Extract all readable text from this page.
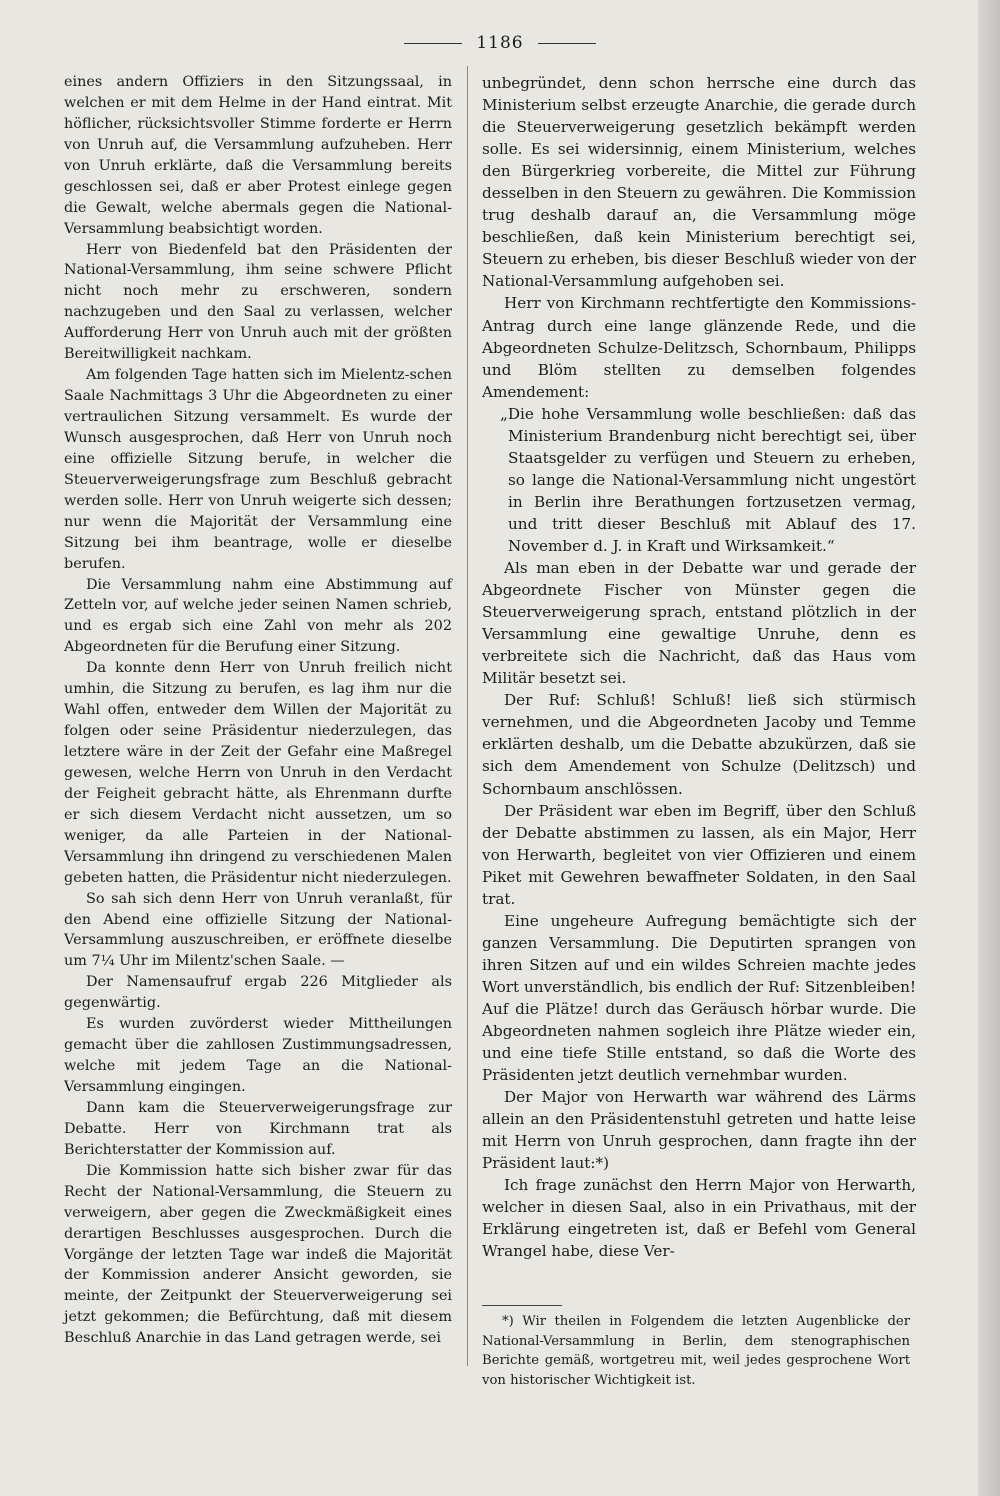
1186

eines andern Offiziers in den Sitzungssaal, in welchen er mit dem Helme in der Hand eintrat. Mit höflicher, rücksichtsvoller Stimme forderte er Herrn von Unruh auf, die Versammlung aufzuheben. Herr von Unruh erklärte, daß die Versammlung bereits geschlossen sei, daß er aber Protest einlege gegen die Gewalt, welche abermals gegen die National-Versammlung beabsichtigt worden.

Herr von Biedenfeld bat den Präsidenten der National-Versammlung, ihm seine schwere Pflicht nicht noch mehr zu erschweren, sondern nachzugeben und den Saal zu verlassen, welcher Aufforderung Herr von Unruh auch mit der größten Bereitwilligkeit nachkam.

Am folgenden Tage hatten sich im Mielentz-schen Saale Nachmittags 3 Uhr die Abgeordneten zu einer vertraulichen Sitzung versammelt. Es wurde der Wunsch ausgesprochen, daß Herr von Unruh noch eine offizielle Sitzung berufe, in welcher die Steuerverweigerungsfrage zum Beschluß gebracht werden solle. Herr von Unruh weigerte sich dessen; nur wenn die Majorität der Versammlung eine Sitzung bei ihm beantrage, wolle er dieselbe berufen.

Die Versammlung nahm eine Abstimmung auf Zetteln vor, auf welche jeder seinen Namen schrieb, und es ergab sich eine Zahl von mehr als 202 Abgeordneten für die Berufung einer Sitzung.

Da konnte denn Herr von Unruh freilich nicht umhin, die Sitzung zu berufen, es lag ihm nur die Wahl offen, entweder dem Willen der Majorität zu folgen oder seine Präsidentur niederzulegen, das letztere wäre in der Zeit der Gefahr eine Maßregel gewesen, welche Herrn von Unruh in den Verdacht der Feigheit gebracht hätte, als Ehrenmann durfte er sich diesem Verdacht nicht aussetzen, um so weniger, da alle Parteien in der National-Versammlung ihn dringend zu verschiedenen Malen gebeten hatten, die Präsidentur nicht niederzulegen.

So sah sich denn Herr von Unruh veranlaßt, für den Abend eine offizielle Sitzung der National-Versammlung auszuschreiben, er eröffnete dieselbe um 7¼ Uhr im Milentz'schen Saale. —

Der Namensaufruf ergab 226 Mitglieder als gegenwärtig.

Es wurden zuvörderst wieder Mittheilungen gemacht über die zahllosen Zustimmungsadressen, welche mit jedem Tage an die National-Versammlung eingingen.

Dann kam die Steuerverweigerungsfrage zur Debatte. Herr von Kirchmann trat als Berichterstatter der Kommission auf.

Die Kommission hatte sich bisher zwar für das Recht der National-Versammlung, die Steuern zu verweigern, aber gegen die Zweckmäßigkeit eines derartigen Beschlusses ausgesprochen. Durch die Vorgänge der letzten Tage war indeß die Majorität der Kommission anderer Ansicht geworden, sie meinte, der Zeitpunkt der Steuerverweigerung sei jetzt gekommen; die Befürchtung, daß mit diesem Beschluß Anarchie in das Land getragen werde, sei

unbegründet, denn schon herrsche eine durch das Ministerium selbst erzeugte Anarchie, die gerade durch die Steuerverweigerung gesetzlich bekämpft werden solle. Es sei widersinnig, einem Ministerium, welches den Bürgerkrieg vorbereite, die Mittel zur Führung desselben in den Steuern zu gewähren. Die Kommission trug deshalb darauf an, die Versammlung möge beschließen, daß kein Ministerium berechtigt sei, Steuern zu erheben, bis dieser Beschluß wieder von der National-Versammlung aufgehoben sei.

Herr von Kirchmann rechtfertigte den Kommissions-Antrag durch eine lange glänzende Rede, und die Abgeordneten Schulze-Delitzsch, Schornbaum, Philipps und Blöm stellten zu demselben folgendes Amendement:

„Die hohe Versammlung wolle beschließen: daß das Ministerium Brandenburg nicht berechtigt sei, über Staatsgelder zu verfügen und Steuern zu erheben, so lange die National-Versammlung nicht ungestört in Berlin ihre Berathungen fortzusetzen vermag, und tritt dieser Beschluß mit Ablauf des 17. November d. J. in Kraft und Wirksamkeit.“

Als man eben in der Debatte war und gerade der Abgeordnete Fischer von Münster gegen die Steuerverweigerung sprach, entstand plötzlich in der Versammlung eine gewaltige Unruhe, denn es verbreitete sich die Nachricht, daß das Haus vom Militär besetzt sei.

Der Ruf: Schluß! Schluß! ließ sich stürmisch vernehmen, und die Abgeordneten Jacoby und Temme erklärten deshalb, um die Debatte abzukürzen, daß sie sich dem Amendement von Schulze (Delitzsch) und Schornbaum anschlössen.

Der Präsident war eben im Begriff, über den Schluß der Debatte abstimmen zu lassen, als ein Major, Herr von Herwarth, begleitet von vier Offizieren und einem Piket mit Gewehren bewaffneter Soldaten, in den Saal trat.

Eine ungeheure Aufregung bemächtigte sich der ganzen Versammlung. Die Deputirten sprangen von ihren Sitzen auf und ein wildes Schreien machte jedes Wort unverständlich, bis endlich der Ruf: Sitzenbleiben! Auf die Plätze! durch das Geräusch hörbar wurde. Die Abgeordneten nahmen sogleich ihre Plätze wieder ein, und eine tiefe Stille entstand, so daß die Worte des Präsidenten jetzt deutlich vernehmbar wurden.

Der Major von Herwarth war während des Lärms allein an den Präsidentenstuhl getreten und hatte leise mit Herrn von Unruh gesprochen, dann fragte ihn der Präsident laut:*)

Ich frage zunächst den Herrn Major von Herwarth, welcher in diesen Saal, also in ein Privathaus, mit der Erklärung eingetreten ist, daß er Befehl vom General Wrangel habe, diese Ver-

*) Wir theilen in Folgendem die letzten Augenblicke der National-Versammlung in Berlin, dem stenographischen Berichte gemäß, wortgetreu mit, weil jedes gesprochene Wort von historischer Wichtigkeit ist.
